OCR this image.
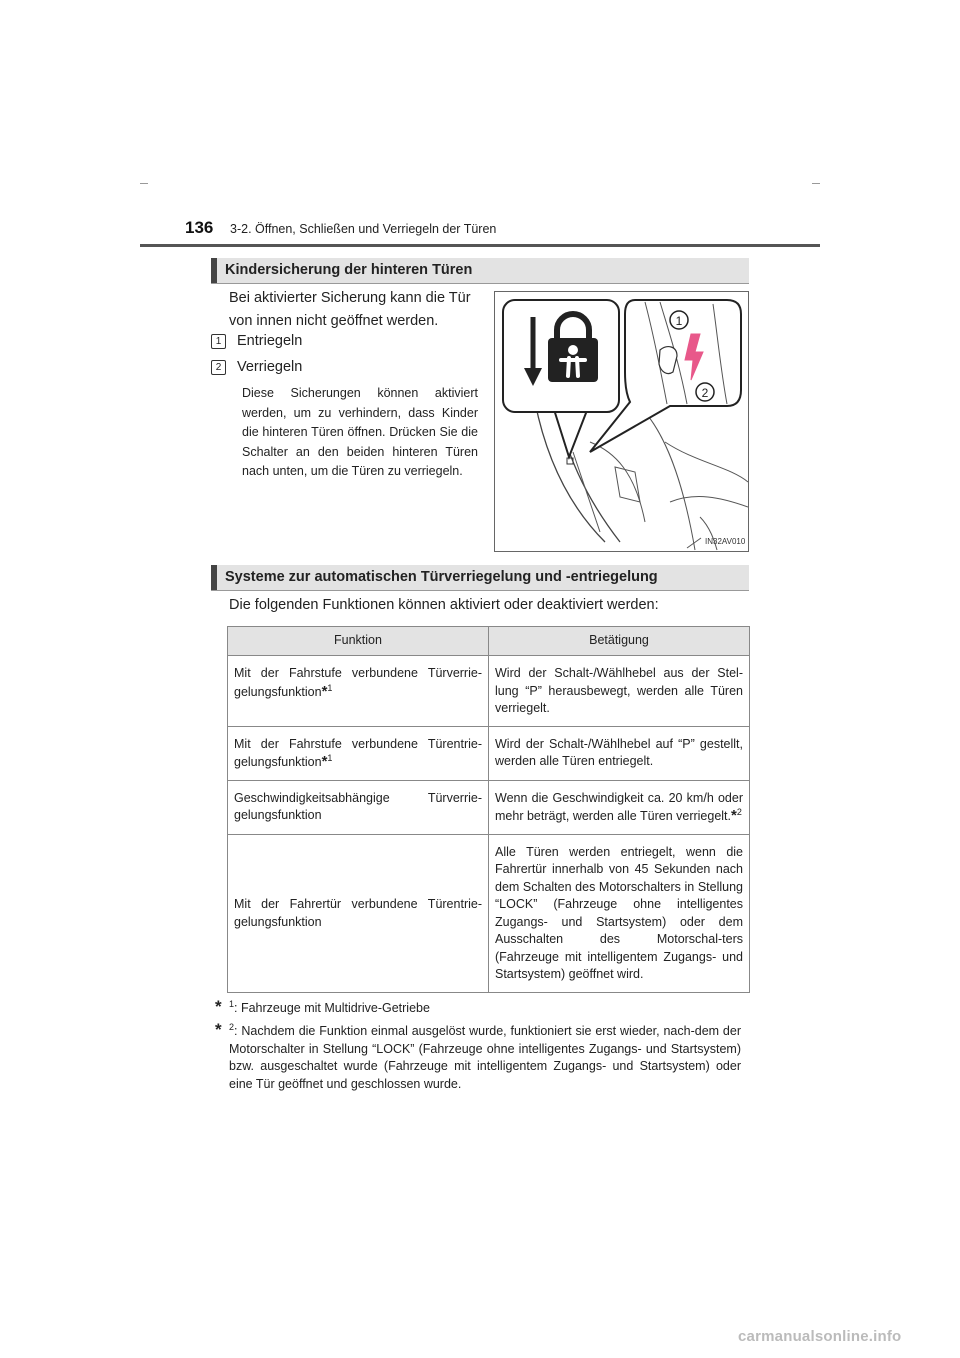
136 3-2. Öffnen, Schließen und Verriegeln der Türen
Kindersicherung der hinteren Türen
Bei aktivierter Sicherung kann die Tür von innen nicht geöffnet werden.
1 Entriegeln
2 Verriegeln
Diese Sicherungen können aktiviert werden, um zu verhindern, dass Kinder die hinteren Türen öffnen. Drücken Sie die Schalter an den beiden hinteren Türen nach unten, um die Türen zu verriegeln.
1
2
IN32AV010
Systeme zur automatischen Türverriegelung und -entriegelung
Die folgenden Funktionen können aktiviert oder deaktiviert werden:
Funktion	Betätigung
Mit der Fahrstufe verbundene Türverrie-gelungsfunktion*$^1$	Wird der Schalt-/Wählhebel aus der Stel-lung “P” herausbewegt, werden alle Türen verriegelt.
Mit der Fahrstufe verbundene Türentrie-gelungsfunktion*$^1$	Wird der Schalt-/Wählhebel auf “P” gestellt, werden alle Türen entriegelt.
Geschwindigkeitsabhängige Türverrie-gelungsfunktion	Wenn die Geschwindigkeit ca. 20 km/h oder mehr beträgt, werden alle Türen verriegelt.*$^2$
Mit der Fahrertür verbundene Türentrie-gelungsfunktion	Alle Türen werden entriegelt, wenn die Fahrertür innerhalb von 45 Sekunden nach dem Schalten des Motorschalters in Stellung “LOCK” (Fahrzeuge ohne intelligentes Zugangs- und Startsystem) oder dem Ausschalten des Motorschal-ters (Fahrzeuge mit intelligentem Zugangs- und Startsystem) geöffnet wird.
* $^1$: Fahrzeuge mit Multidrive-Getriebe
* $^2$: Nachdem die Funktion einmal ausgelöst wurde, funktioniert sie erst wieder, nach-dem der Motorschalter in Stellung “LOCK” (Fahrzeuge ohne intelligentes Zugangs- und Startsystem) bzw. ausgeschaltet wurde (Fahrzeuge mit intelligentem Zugangs- und Startsystem) oder eine Tür geöffnet und geschlossen wurde.
carmanualsonline.info
